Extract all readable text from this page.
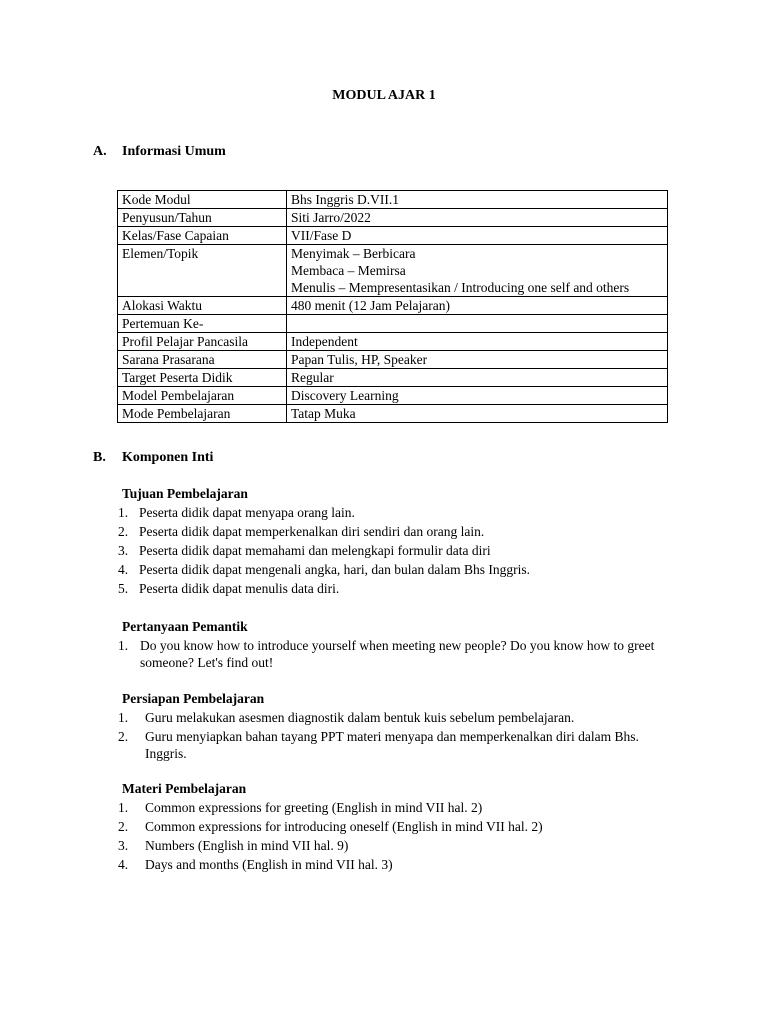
MODUL AJAR 1
A. Informasi Umum
Kode Modul	Bhs Inggris D.VII.1

Penyusun/Tahun	Siti Jarro/2022

Kelas/Fase Capaian	VII/Fase D

Elemen/Topik	Menyimak – Berbicara
Membaca – Memirsa
Menulis – Mempresentasikan / Introducing one self and others

Alokasi Waktu	480 menit (12 Jam Pelajaran)

Pertemuan Ke-	

Profil Pelajar Pancasila	Independent

Sarana Prasarana	Papan Tulis, HP, Speaker

Target Peserta Didik	Regular

Model Pembelajaran	Discovery Learning

Mode Pembelajaran	Tatap Muka
B. Komponen Inti
Tujuan Pembelajaran
1. Peserta didik dapat menyapa orang lain.
2. Peserta didik dapat memperkenalkan diri sendiri dan orang lain.
3. Peserta didik dapat memahami dan melengkapi formulir data diri
4. Peserta didik dapat mengenali angka, hari, dan bulan dalam Bhs Inggris.
5. Peserta didik dapat menulis data diri.
Pertanyaan Pemantik
1. Do you know how to introduce yourself when meeting new people? Do you know how to greet someone? Let's find out!
Persiapan Pembelajaran
1.	Guru melakukan asesmen diagnostik dalam bentuk kuis sebelum pembelajaran.
2.	Guru menyiapkan bahan tayang PPT materi menyapa dan memperkenalkan diri dalam Bhs. Inggris.
Materi Pembelajaran
1.	Common expressions for greeting (English in mind VII hal. 2)
2.	Common expressions for introducing oneself (English in mind VII hal. 2)
3.	Numbers (English in mind VII hal. 9)
4.	Days and months (English in mind VII hal. 3)
